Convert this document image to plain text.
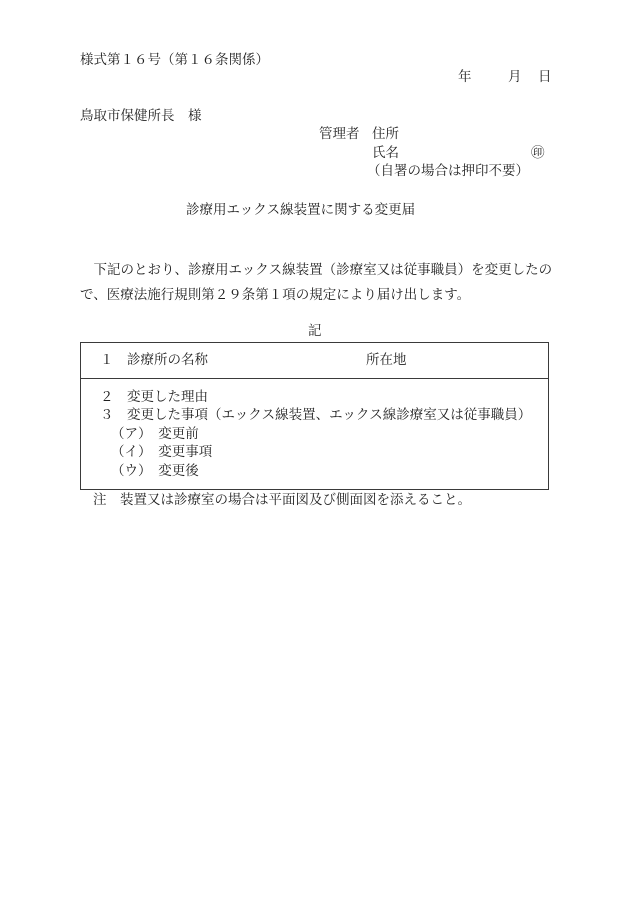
様式第１６号（第１６条関係）
年	月 日
鳥取市保健所長　様
管理者 住所
氏名	㊞
（自署の場合は押印不要）
診療用エックス線装置に関する変更届
　下記のとおり、診療用エックス線装置（診療室又は従事職員）を変更したの
で、医療法施行規則第２９条第１項の規定により届け出します。
記
１　診療所の名称	所在地
２　変更した理由
３　変更した事項（エックス線装置、エックス線診療室又は従事職員）
（ア）　変更前
（イ）　変更事項
（ウ）　変更後
注　装置又は診療室の場合は平面図及び側面図を添えること。
